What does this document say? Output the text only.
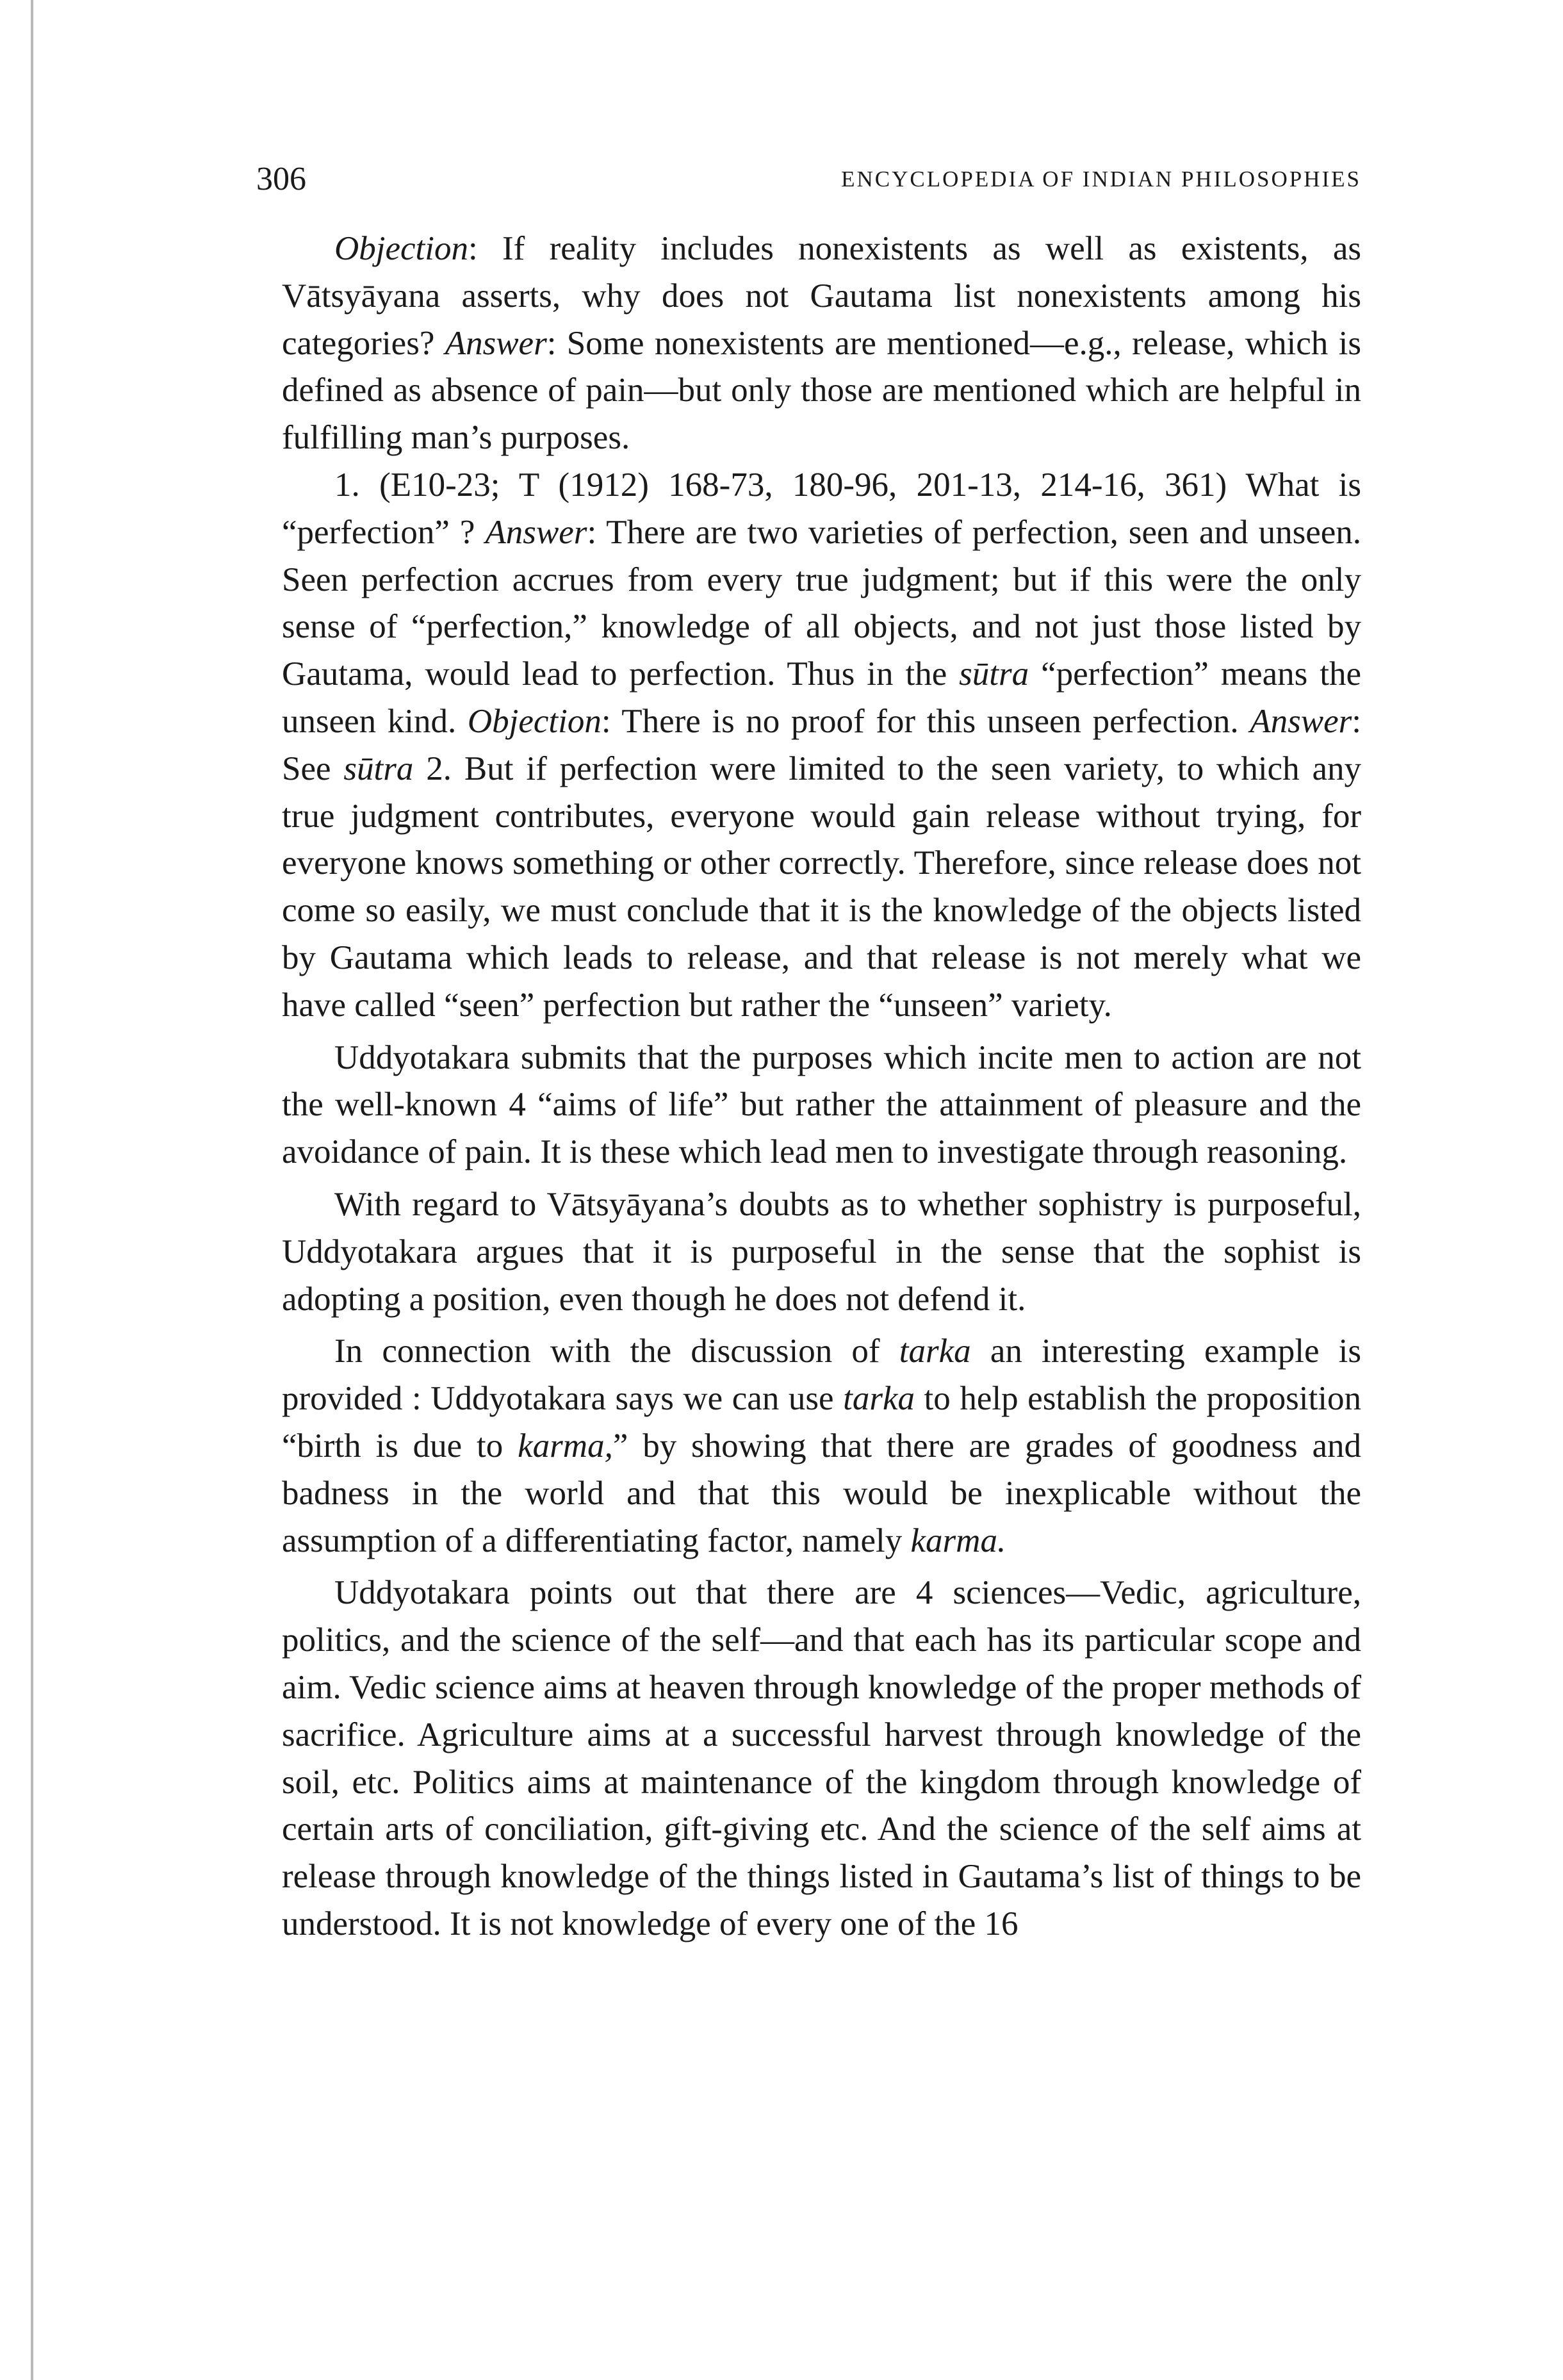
306	ENCYCLOPEDIA OF INDIAN PHILOSOPHIES

Objection: If reality includes nonexistents as well as existents, as Vātsyāyana asserts, why does not Gautama list nonexistents among his categories? Answer: Some nonexistents are mentioned—e.g., release, which is defined as absence of pain—but only those are mentioned which are helpful in fulfilling man’s purposes.

1. (E10-23; T (1912) 168-73, 180-96, 201-13, 214-16, 361) What is “perfection” ? Answer: There are two varieties of perfection, seen and unseen. Seen perfection accrues from every true judgment; but if this were the only sense of “perfection,” knowledge of all objects, and not just those listed by Gautama, would lead to perfection. Thus in the sūtra “perfection” means the unseen kind. Objection: There is no proof for this unseen perfection. Answer: See sūtra 2. But if perfection were limited to the seen variety, to which any true judgment contributes, everyone would gain release without trying, for everyone knows something or other correctly. Therefore, since release does not come so easily, we must conclude that it is the knowledge of the objects listed by Gautama which leads to release, and that release is not merely what we have called “seen” perfection but rather the “unseen” variety.

Uddyotakara submits that the purposes which incite men to action are not the well-known 4 “aims of life” but rather the attainment of pleasure and the avoidance of pain. It is these which lead men to investigate through reasoning.

With regard to Vātsyāyana’s doubts as to whether sophistry is purposeful, Uddyotakara argues that it is purposeful in the sense that the sophist is adopting a position, even though he does not defend it.

In connection with the discussion of tarka an interesting example is provided : Uddyotakara says we can use tarka to help establish the proposition “birth is due to karma,” by showing that there are grades of goodness and badness in the world and that this would be inexplicable without the assumption of a differentiating factor, namely karma.

Uddyotakara points out that there are 4 sciences—Vedic, agriculture, politics, and the science of the self—and that each has its particular scope and aim. Vedic science aims at heaven through knowledge of the proper methods of sacrifice. Agriculture aims at a successful harvest through knowledge of the soil, etc. Politics aims at maintenance of the kingdom through knowledge of certain arts of conciliation, gift-giving etc. And the science of the self aims at release through knowledge of the things listed in Gautama’s list of things to be understood. It is not knowledge of every one of the 16
